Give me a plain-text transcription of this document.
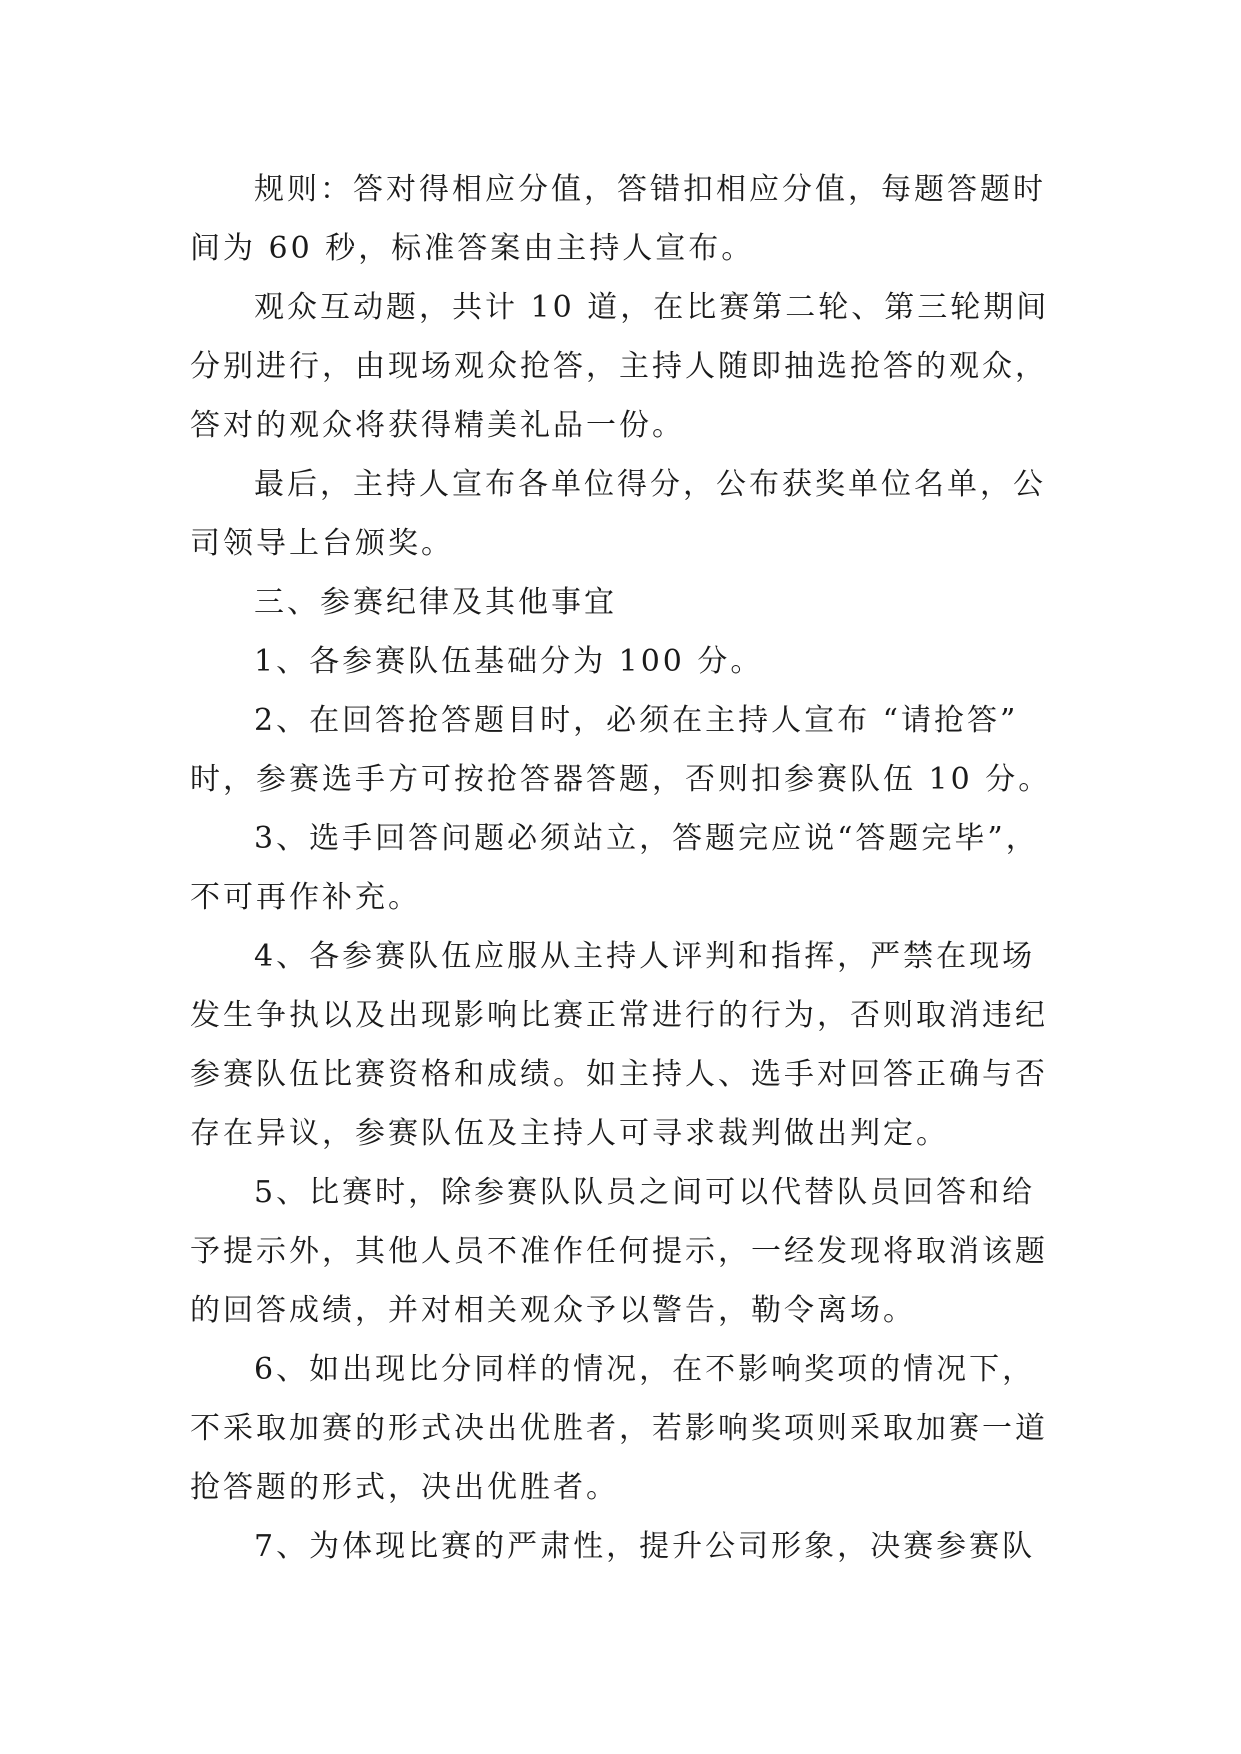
规则：答对得相应分值，答错扣相应分值，每题答题时
间为 60 秒，标准答案由主持人宣布。
观众互动题，共计 10 道，在比赛第二轮、第三轮期间
分别进行，由现场观众抢答，主持人随即抽选抢答的观众，
答对的观众将获得精美礼品一份。
最后，主持人宣布各单位得分，公布获奖单位名单，公
司领导上台颁奖。
三、参赛纪律及其他事宜
1、各参赛队伍基础分为 100 分。
2、在回答抢答题目时，必须在主持人宣布 “请抢答”
时，参赛选手方可按抢答器答题，否则扣参赛队伍 10 分。
3、选手回答问题必须站立，答题完应说“答题完毕”，
不可再作补充。
4、各参赛队伍应服从主持人评判和指挥，严禁在现场
发生争执以及出现影响比赛正常进行的行为，否则取消违纪
参赛队伍比赛资格和成绩。如主持人、选手对回答正确与否
存在异议，参赛队伍及主持人可寻求裁判做出判定。
5、比赛时，除参赛队队员之间可以代替队员回答和给
予提示外，其他人员不准作任何提示，一经发现将取消该题
的回答成绩，并对相关观众予以警告，勒令离场。
6、如出现比分同样的情况，在不影响奖项的情况下，
不采取加赛的形式决出优胜者，若影响奖项则采取加赛一道
抢答题的形式，决出优胜者。
7、为体现比赛的严肃性，提升公司形象，决赛参赛队
